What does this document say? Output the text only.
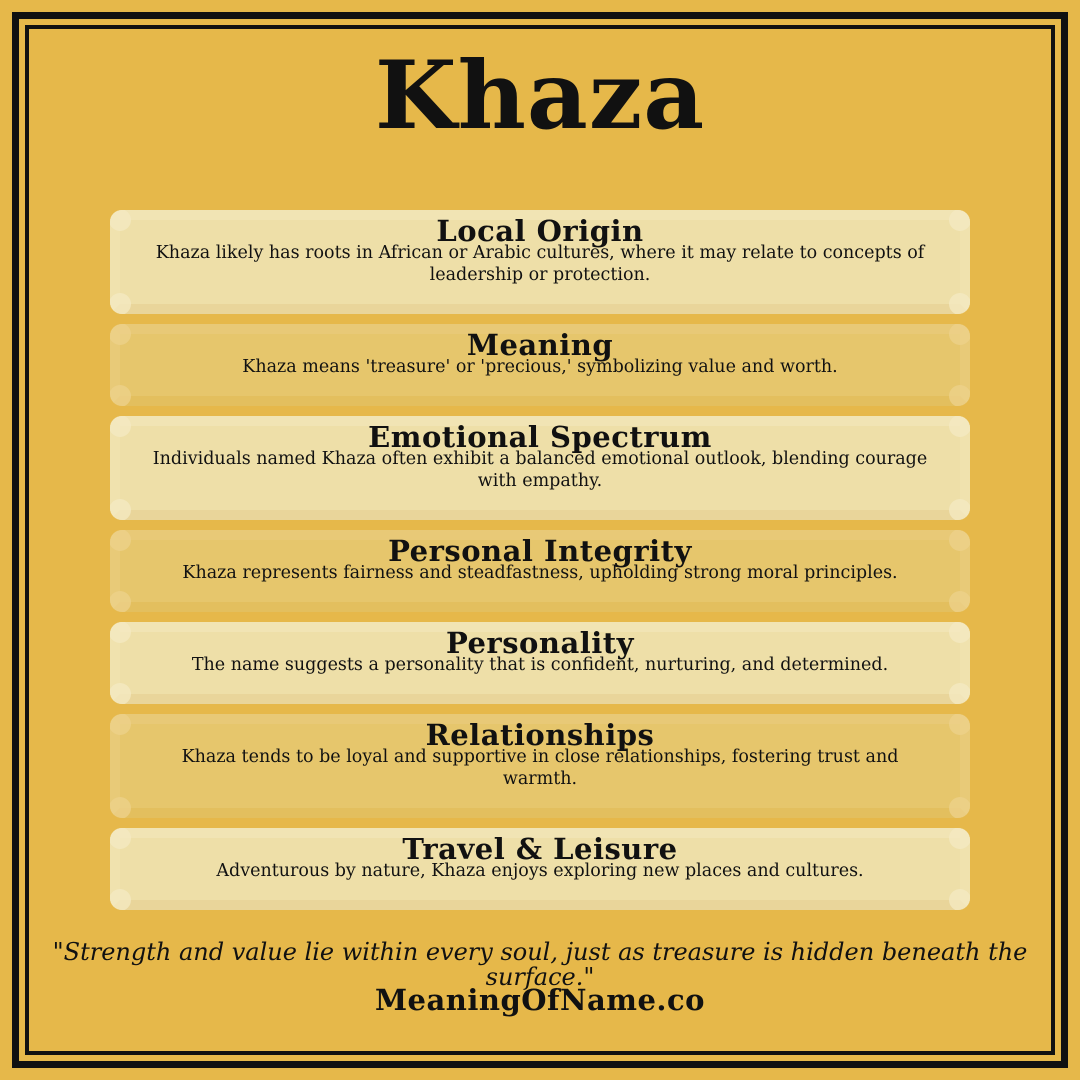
Khaza
Local Origin
Khaza likely has roots in African or Arabic cultures, where it may relate to concepts of leadership or protection.
Meaning
Khaza means 'treasure' or 'precious,' symbolizing value and worth.
Emotional Spectrum
Individuals named Khaza often exhibit a balanced emotional outlook, blending courage with empathy.
Personal Integrity
Khaza represents fairness and steadfastness, upholding strong moral principles.
Personality
The name suggests a personality that is confident, nurturing, and determined.
Relationships
Khaza tends to be loyal and supportive in close relationships, fostering trust and warmth.
Travel & Leisure
Adventurous by nature, Khaza enjoys exploring new places and cultures.
"Strength and value lie within every soul, just as treasure is hidden beneath the surface."
MeaningOfName.co
